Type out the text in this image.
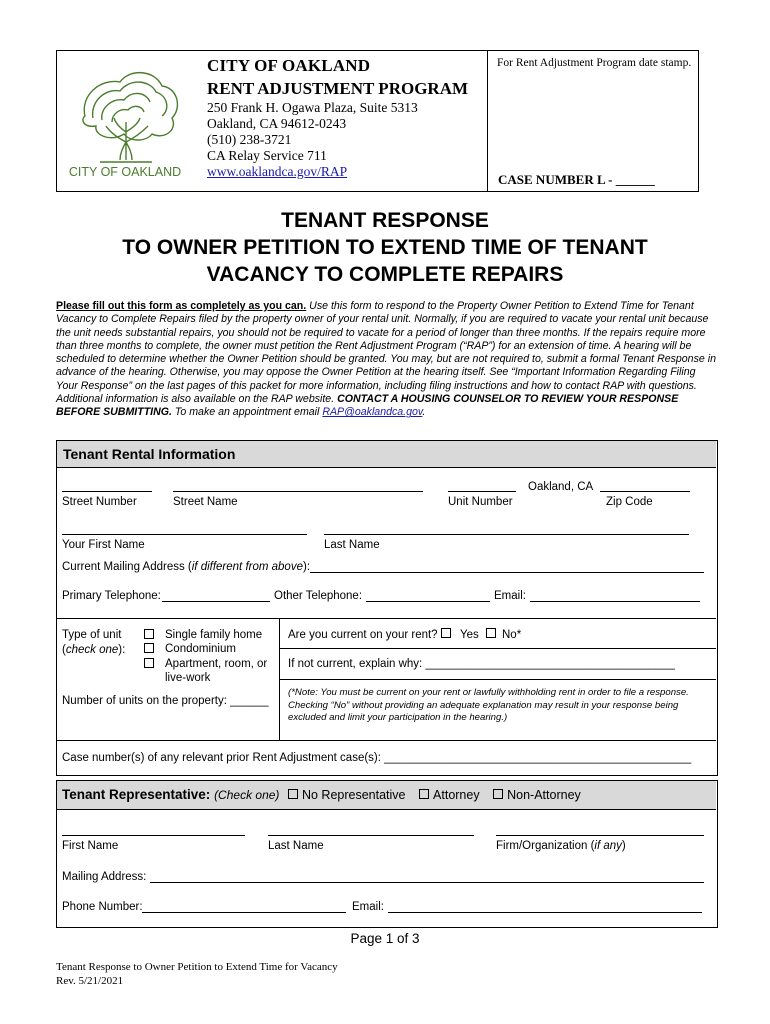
CITY OF OAKLAND
CITY OF OAKLAND
RENT ADJUSTMENT PROGRAM
250 Frank H. Ogawa Plaza, Suite 5313
Oakland, CA 94612-0243
(510) 238-3721
CA Relay Service 711
www.oaklandca.gov/RAP
For Rent Adjustment Program date stamp.
CASE NUMBER L - ______
TENANT RESPONSE
TO OWNER PETITION TO EXTEND TIME OF TENANT
VACANCY TO COMPLETE REPAIRS
Please fill out this form as completely as you can. Use this form to respond to the Property Owner Petition to Extend Time for Tenant Vacancy to Complete Repairs filed by the property owner of your rental unit. Normally, if you are required to vacate your rental unit because the unit needs substantial repairs, you should not be required to vacate for a period of longer than three months. If the repairs require more than three months to complete, the owner must petition the Rent Adjustment Program (“RAP”) for an extension of time. A hearing will be scheduled to determine whether the Owner Petition should be granted. You may, but are not required to, submit a formal Tenant Response in advance of the hearing. Otherwise, you may oppose the Owner Petition at the hearing itself. See “Important Information Regarding Filing Your Response” on the last pages of this packet for more information, including filing instructions and how to contact RAP with questions. Additional information is also available on the RAP website. CONTACT A HOUSING COUNSELOR TO REVIEW YOUR RESPONSE BEFORE SUBMITTING. To make an appointment email RAP@oaklandca.gov.
Tenant Rental Information
Oakland, CA
Street Number	Street Name	Unit Number	Zip Code
Your First Name	Last Name
Current Mailing Address (if different from above):
Primary Telephone:	Other Telephone:	Email:
Type of unit
(check one):
Single family home
Condominium
Apartment, room, or
live-work
Number of units on the property: ______
Are you current on your rent? Yes No*
If not current, explain why: _______________________________________
(*Note: You must be current on your rent or lawfully withholding rent in order to file a response. Checking “No” without providing an adequate explanation may result in your response being excluded and limit your participation in the hearing.)
Case number(s) of any relevant prior Rent Adjustment case(s): ________________________________________________
Tenant Representative: (Check one) No Representative Attorney Non-Attorney
First Name	Last Name	Firm/Organization (if any)
Mailing Address:
Phone Number:	Email:
Page 1 of 3
Tenant Response to Owner Petition to Extend Time for Vacancy
Rev. 5/21/2021
